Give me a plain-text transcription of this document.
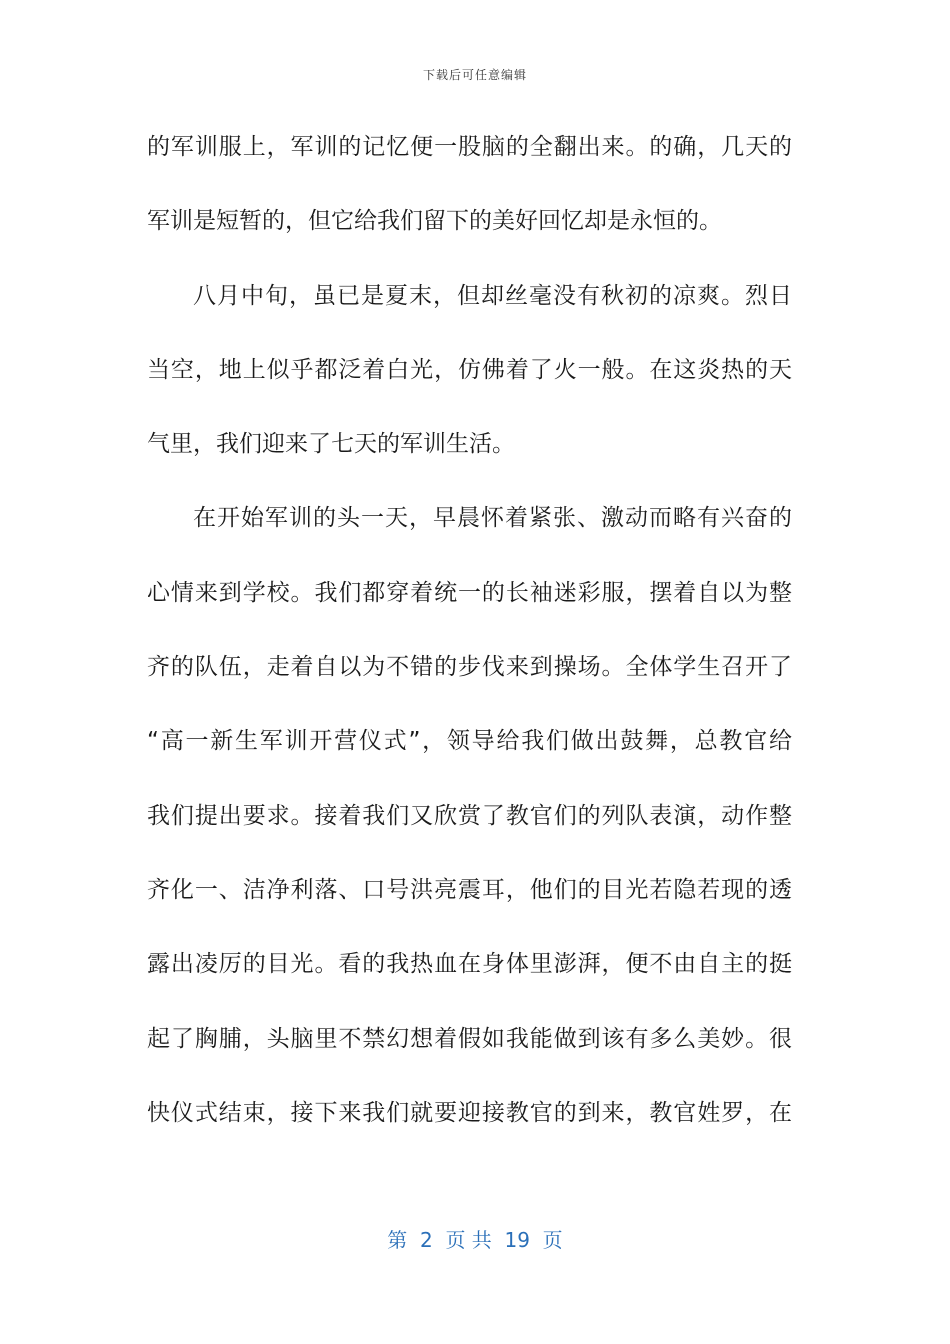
下载后可任意编辑
的军训服上，军训的记忆便一股脑的全翻出来。的确，几天的
军训是短暂的，但它给我们留下的美好回忆却是永恒的。
八月中旬，虽已是夏末，但却丝毫没有秋初的凉爽。烈日
当空，地上似乎都泛着白光，仿佛着了火一般。在这炎热的天
气里，我们迎来了七天的军训生活。
在开始军训的头一天，早晨怀着紧张、激动而略有兴奋的
心情来到学校。我们都穿着统一的长袖迷彩服，摆着自以为整
齐的队伍，走着自以为不错的步伐来到操场。全体学生召开了
“高一新生军训开营仪式”，领导给我们做出鼓舞，总教官给
我们提出要求。接着我们又欣赏了教官们的列队表演，动作整
齐化一、洁净利落、口号洪亮震耳，他们的目光若隐若现的透
露出凌厉的目光。看的我热血在身体里澎湃，便不由自主的挺
起了胸脯，头脑里不禁幻想着假如我能做到该有多么美妙。很
快仪式结束，接下来我们就要迎接教官的到来，教官姓罗，在
第  2  页 共  19  页
